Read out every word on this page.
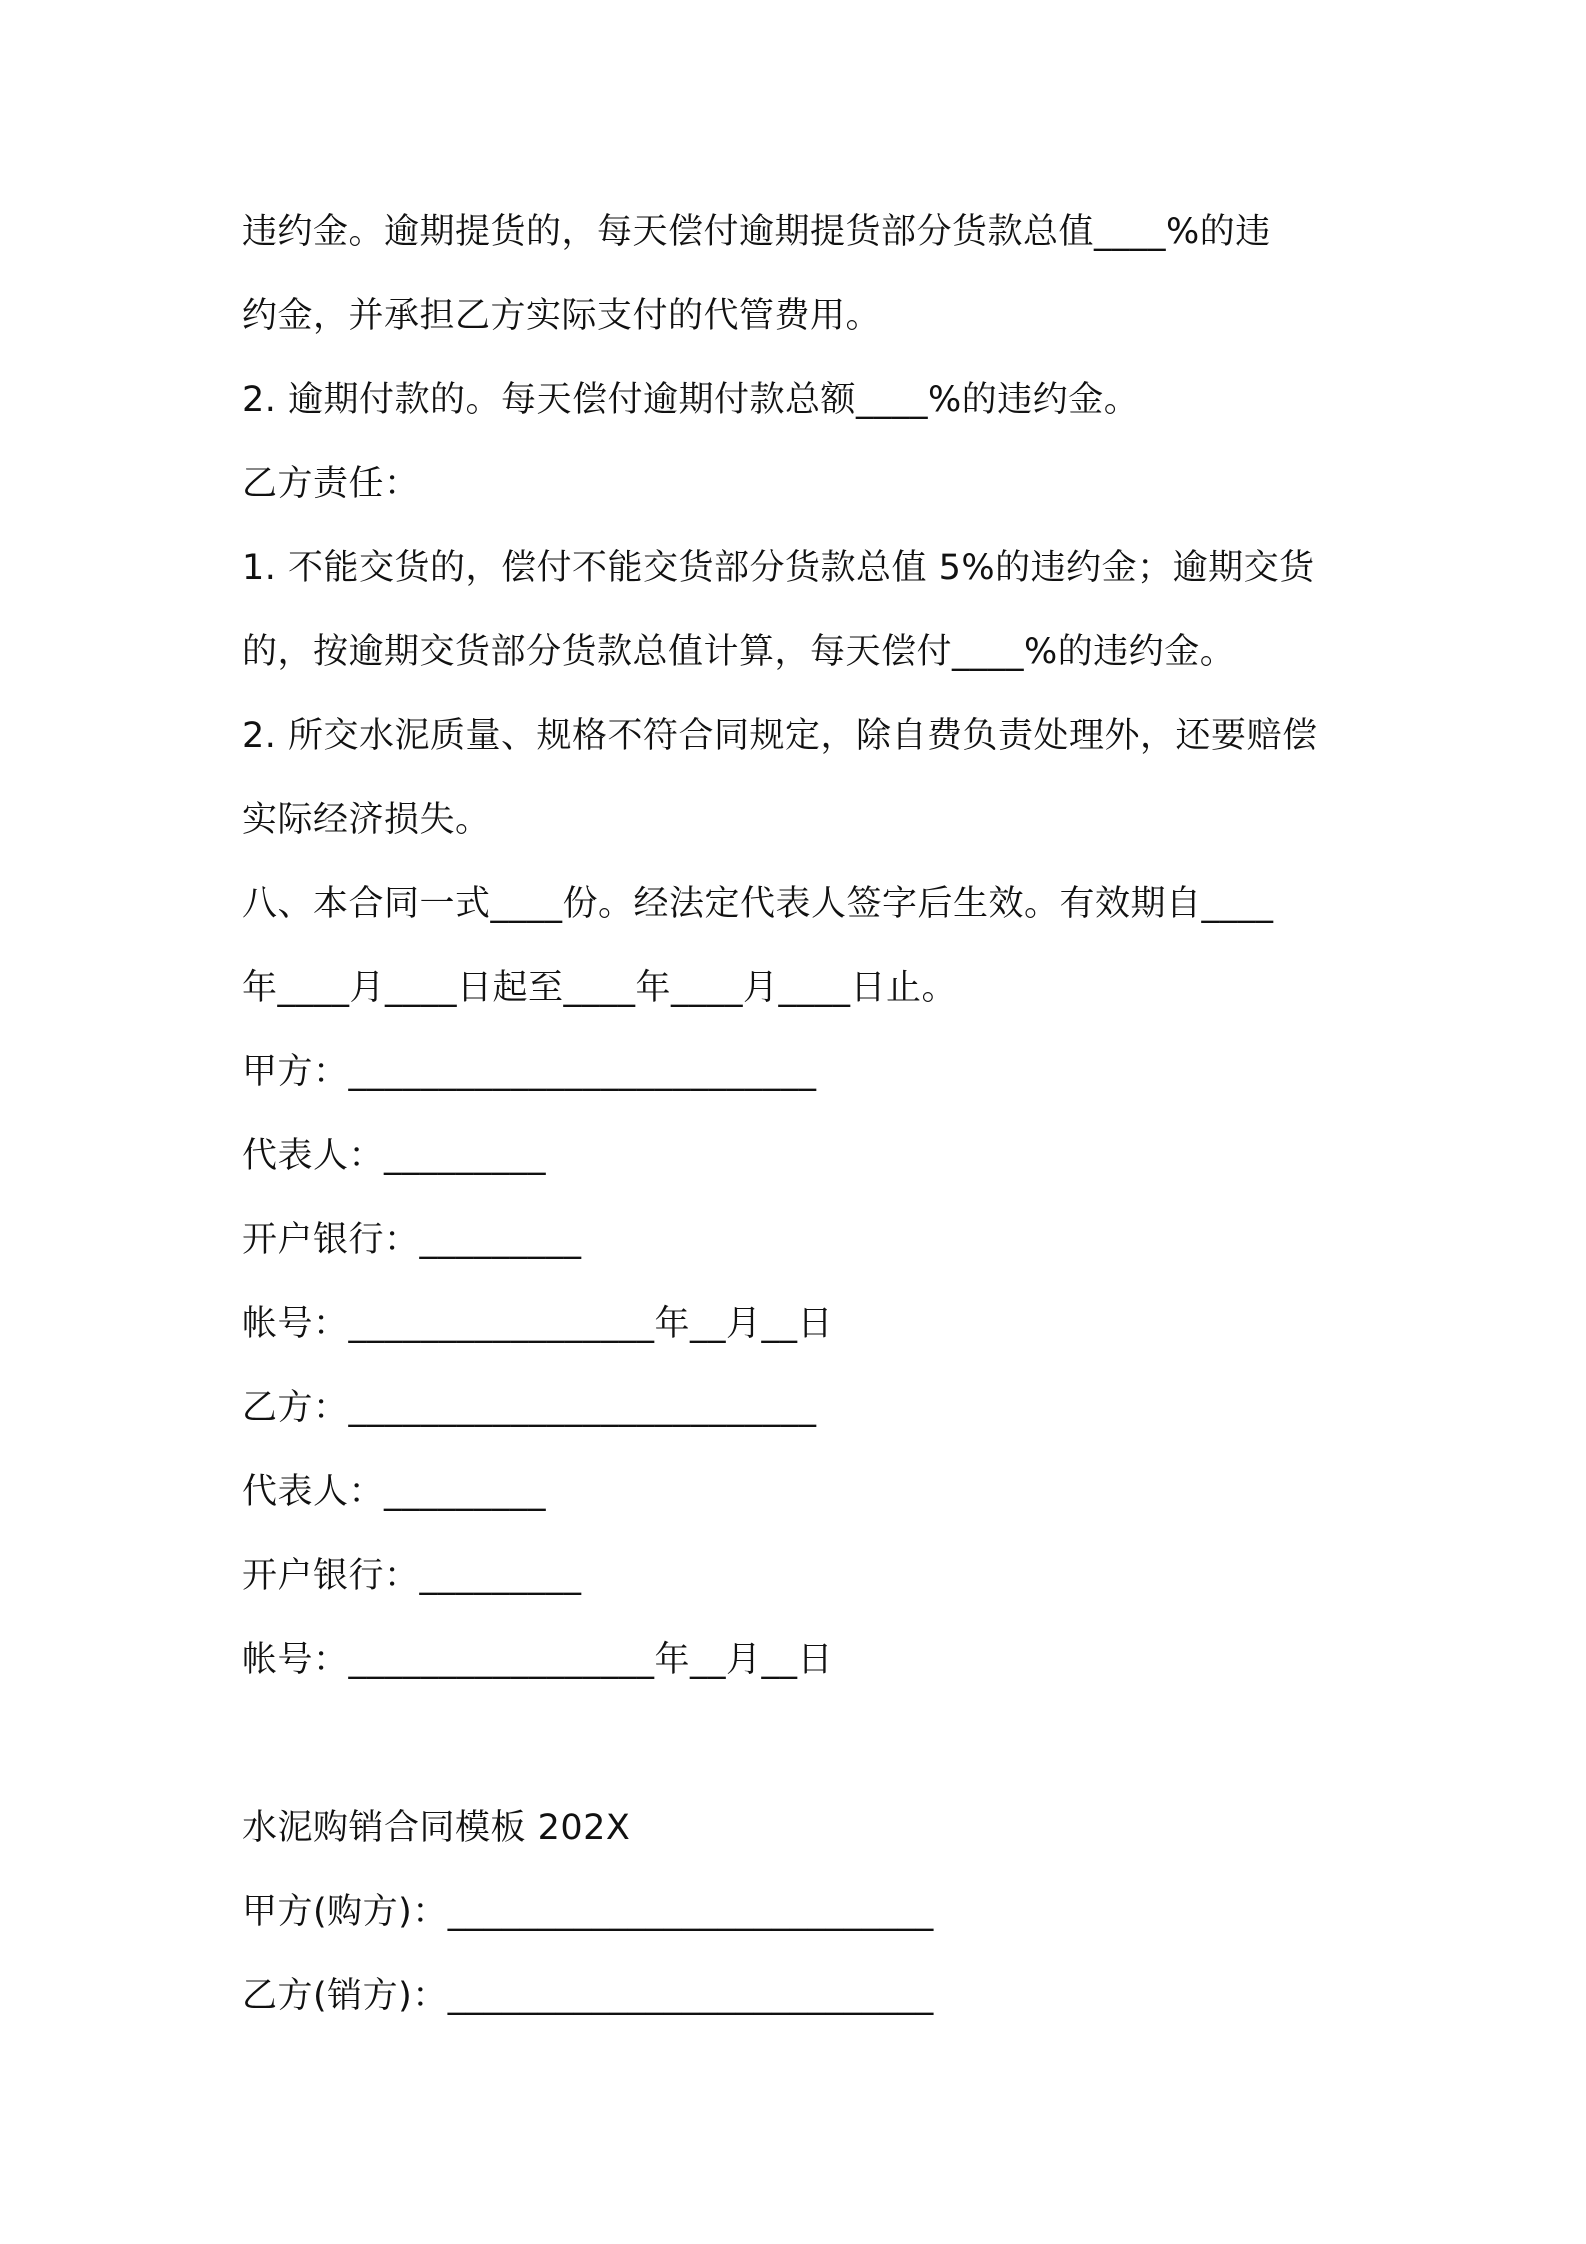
违约金。逾期提货的，每天偿付逾期提货部分货款总值____%的违
约金，并承担乙方实际支付的代管费用。
2. 逾期付款的。每天偿付逾期付款总额____%的违约金。
乙方责任：
1. 不能交货的，偿付不能交货部分货款总值 5%的违约金；逾期交货
的，按逾期交货部分货款总值计算，每天偿付____%的违约金。
2. 所交水泥质量、规格不符合同规定，除自费负责处理外，还要赔偿
实际经济损失。
八、本合同一式____份。经法定代表人签字后生效。有效期自____
年____月____日起至____年____月____日止。
甲方：__________________________
代表人：_________
开户银行：_________
帐号：_________________年__月__日
乙方：__________________________
代表人：_________
开户银行：_________
帐号：_________________年__月__日
水泥购销合同模板 202X
甲方(购方)：___________________________
乙方(销方)：___________________________
